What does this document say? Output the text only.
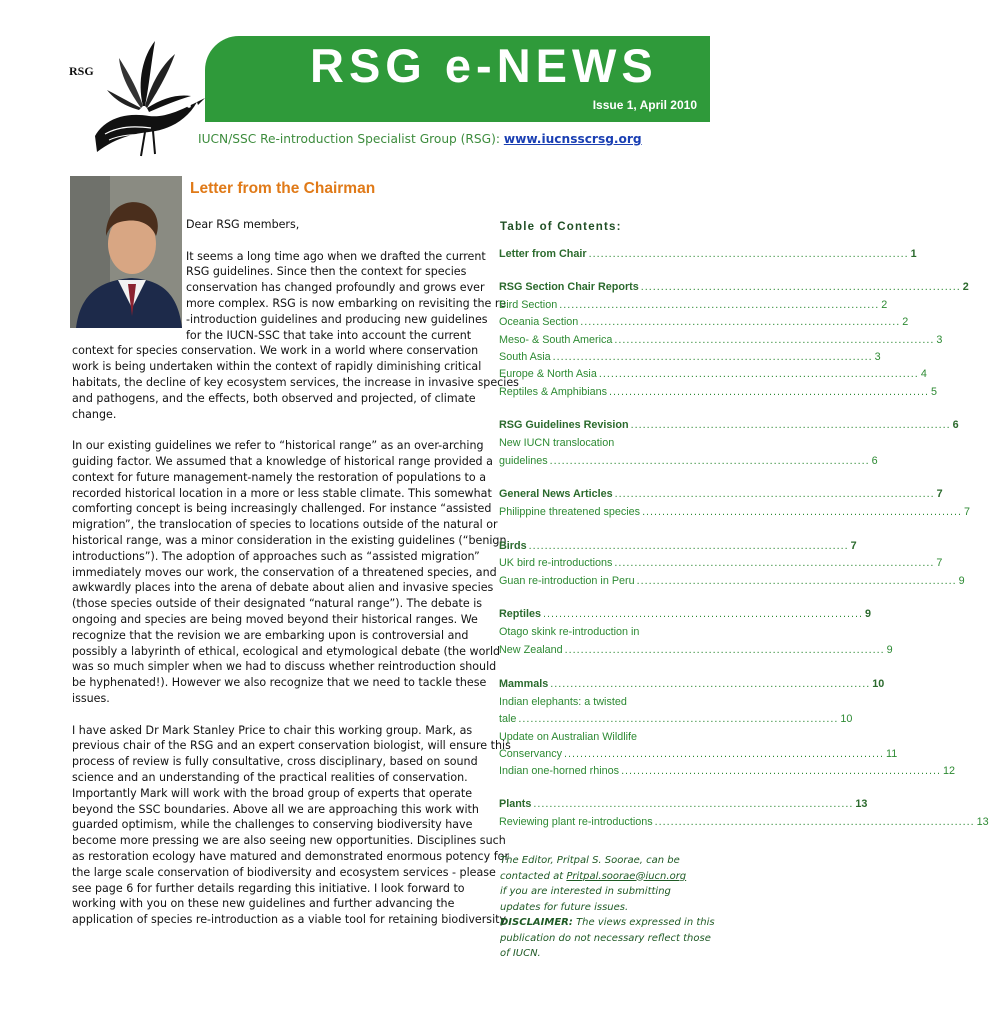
RSG e-NEWS
Issue 1, April 2010
RSG
IUCN/SSC Re-introduction Specialist Group (RSG): www.iucnsscrsg.org
Letter from the Chairman
Dear RSG members,
It seems a long time ago when we drafted the current
RSG guidelines. Since then the context for species
conservation has changed profoundly and grows ever
more complex. RSG is now embarking on revisiting the re
-introduction guidelines and producing new guidelines
for the IUCN-SSC that take into account the current
context for species conservation. We work in a world where conservation
work is being undertaken within the context of rapidly diminishing critical
habitats, the decline of key ecosystem services, the increase in invasive species
and pathogens, and the effects, both observed and projected, of climate
change.
In our existing guidelines we refer to “historical range” as an over-arching
guiding factor. We assumed that a knowledge of historical range provided a
context for future management-namely the restoration of populations to a
recorded historical location in a more or less stable climate. This somewhat
comforting concept is being increasingly challenged. For instance “assisted
migration”, the translocation of species to locations outside of the natural or
historical range, was a minor consideration in the existing guidelines (“benign
introductions”). The adoption of approaches such as “assisted migration”
immediately moves our work, the conservation of a threatened species, and
awkwardly places into the arena of debate about alien and invasive species
(those species outside of their designated “natural range”). The debate is
ongoing and species are being moved beyond their historical ranges. We
recognize that the revision we are embarking upon is controversial and
possibly a labyrinth of ethical, ecological and etymological debate (the world
was so much simpler when we had to discuss whether reintroduction should
be hyphenated!). However we also recognize that we need to tackle these
issues.
I have asked Dr Mark Stanley Price to chair this working group. Mark, as
previous chair of the RSG and an expert conservation biologist, will ensure this
process of review is fully consultative, cross disciplinary, based on sound
science and an understanding of the practical realities of conservation.
Importantly Mark will work with the broad group of experts that operate
beyond the SSC boundaries. Above all we are approaching this work with
guarded optimism, while the challenges to conserving biodiversity have
become more pressing we are also seeing new opportunities. Disciplines such
as restoration ecology have matured and demonstrated enormous potency for
the large scale conservation of biodiversity and ecosystem services - please
see page 6 for further details regarding this initiative. I look forward to
working with you on these new guidelines and further advancing the
application of species re-introduction as a viable tool for retaining biodiversity.
Table of Contents:
Letter from Chair ................................................................................ 1
RSG Section Chair Reports ................................................................................ 2
Bird Section ................................................................................ 2
Oceania Section ................................................................................ 2
Meso- & South America ................................................................................ 3
South Asia ................................................................................ 3
Europe & North Asia ................................................................................ 4
Reptiles & Amphibians ................................................................................ 5
RSG Guidelines Revision ................................................................................ 6
New IUCN translocation
guidelines ................................................................................ 6
General News Articles ................................................................................ 7
Philippine threatened species ................................................................................ 7
Birds ................................................................................ 7
UK bird re-introductions ................................................................................ 7
Guan re-introduction in Peru ................................................................................ 9
Reptiles ................................................................................ 9
Otago skink re-introduction in
New Zealand ................................................................................ 9
Mammals ................................................................................ 10
Indian elephants: a twisted
tale ................................................................................ 10
Update on Australian Wildlife
Conservancy ................................................................................ 11
Indian one-horned rhinos ................................................................................ 12
Plants ................................................................................ 13
Reviewing plant re-introductions ................................................................................ 13
The Editor, Pritpal S. Soorae, can be
contacted at Pritpal.soorae@iucn.org
if you are interested in submitting
updates for future issues.
DISCLAIMER: The views expressed in this
publication do not necessary reflect those
of IUCN.
